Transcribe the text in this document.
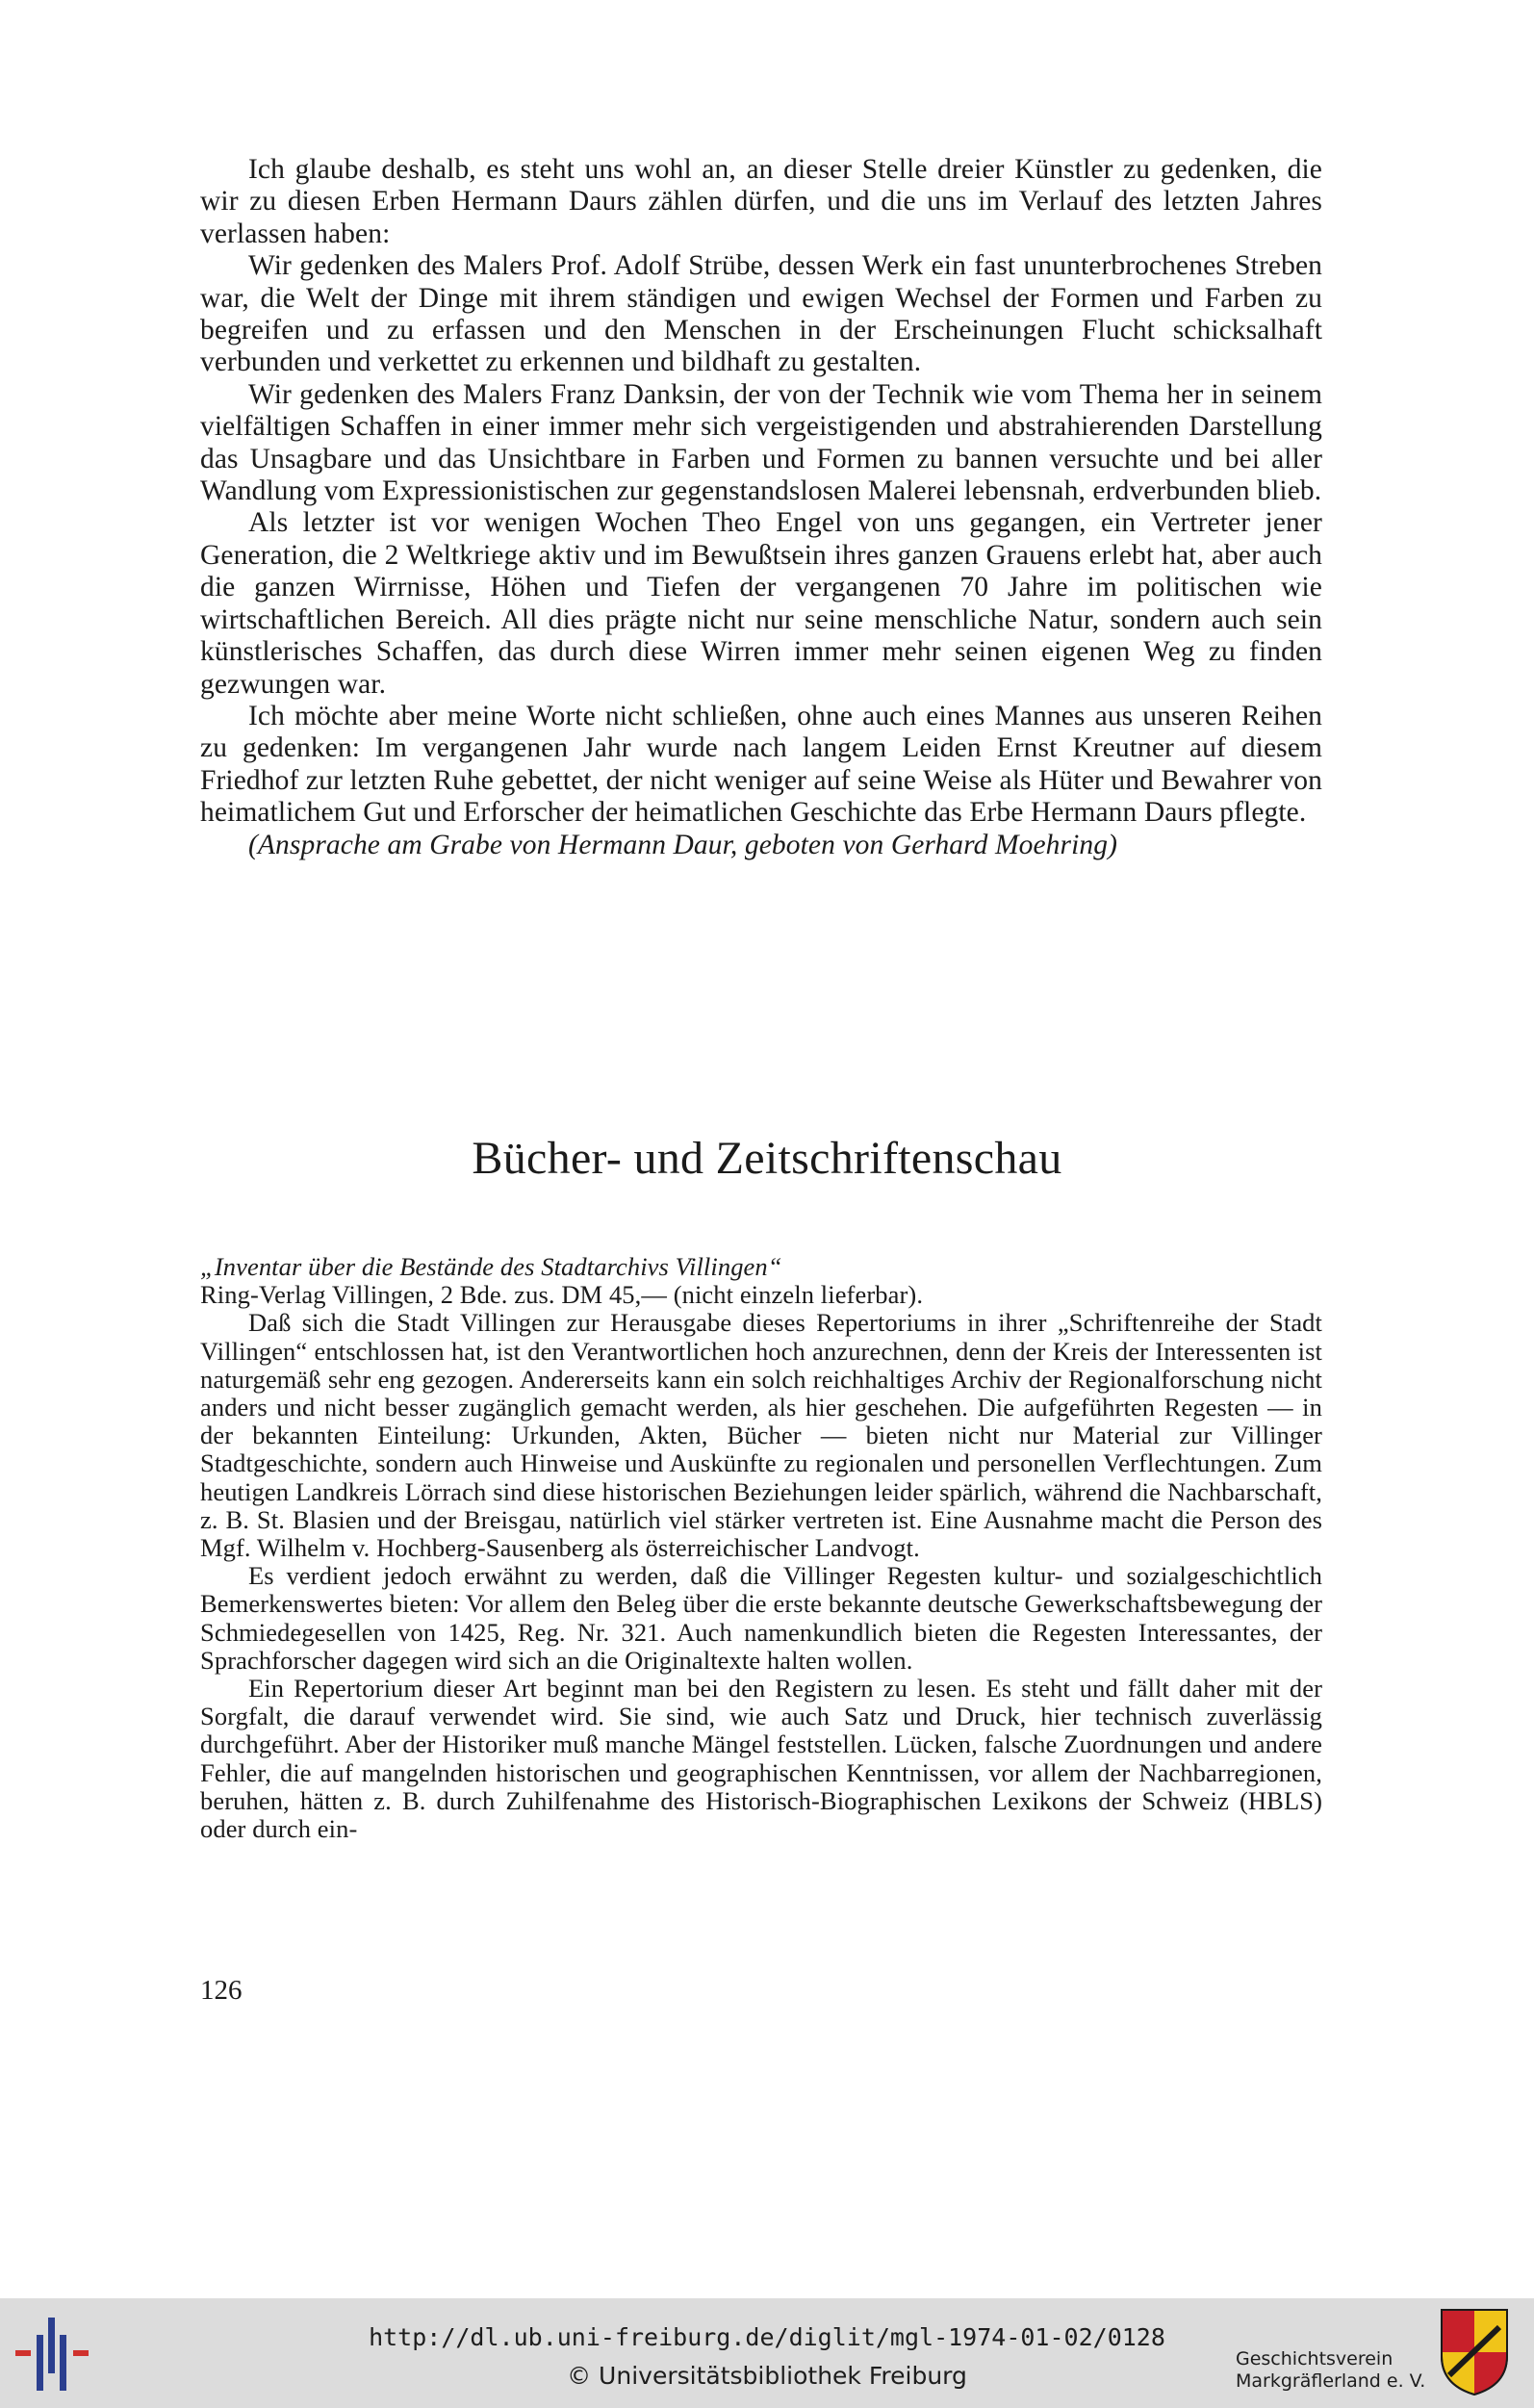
Ich glaube deshalb, es steht uns wohl an, an dieser Stelle dreier Künstler zu gedenken, die wir zu diesen Erben Hermann Daurs zählen dürfen, und die uns im Verlauf des letzten Jahres verlassen haben:

Wir gedenken des Malers Prof. Adolf Strübe, dessen Werk ein fast ununterbrochenes Streben war, die Welt der Dinge mit ihrem ständigen und ewigen Wechsel der Formen und Farben zu begreifen und zu erfassen und den Menschen in der Erscheinungen Flucht schicksalhaft verbunden und verkettet zu erkennen und bildhaft zu gestalten.

Wir gedenken des Malers Franz Danksin, der von der Technik wie vom Thema her in seinem vielfältigen Schaffen in einer immer mehr sich vergeistigenden und abstrahierenden Darstellung das Unsagbare und das Unsichtbare in Farben und Formen zu bannen versuchte und bei aller Wandlung vom Expressionistischen zur gegenstandslosen Malerei lebensnah, erdverbunden blieb.

Als letzter ist vor wenigen Wochen Theo Engel von uns gegangen, ein Vertreter jener Generation, die 2 Weltkriege aktiv und im Bewußtsein ihres ganzen Grauens erlebt hat, aber auch die ganzen Wirrnisse, Höhen und Tiefen der vergangenen 70 Jahre im politischen wie wirtschaftlichen Bereich. All dies prägte nicht nur seine menschliche Natur, sondern auch sein künstlerisches Schaffen, das durch diese Wirren immer mehr seinen eigenen Weg zu finden gezwungen war.

Ich möchte aber meine Worte nicht schließen, ohne auch eines Mannes aus unseren Reihen zu gedenken: Im vergangenen Jahr wurde nach langem Leiden Ernst Kreutner auf diesem Friedhof zur letzten Ruhe gebettet, der nicht weniger auf seine Weise als Hüter und Bewahrer von heimatlichem Gut und Erforscher der heimatlichen Geschichte das Erbe Hermann Daurs pflegte.

(Ansprache am Grabe von Hermann Daur, geboten von Gerhard Moehring)

Bücher- und Zeitschriftenschau

„Inventar über die Bestände des Stadtarchivs Villingen“

Ring-Verlag Villingen, 2 Bde. zus. DM 45,— (nicht einzeln lieferbar).

Daß sich die Stadt Villingen zur Herausgabe dieses Repertoriums in ihrer „Schriftenreihe der Stadt Villingen“ entschlossen hat, ist den Verantwortlichen hoch anzurechnen, denn der Kreis der Interessenten ist naturgemäß sehr eng gezogen. Andererseits kann ein solch reichhaltiges Archiv der Regionalforschung nicht anders und nicht besser zugänglich gemacht werden, als hier geschehen. Die aufgeführten Regesten — in der bekannten Einteilung: Urkunden, Akten, Bücher — bieten nicht nur Material zur Villinger Stadtgeschichte, sondern auch Hinweise und Auskünfte zu regionalen und personellen Verflechtungen. Zum heutigen Landkreis Lörrach sind diese historischen Beziehungen leider spärlich, während die Nachbarschaft, z. B. St. Blasien und der Breisgau, natürlich viel stärker vertreten ist. Eine Ausnahme macht die Person des Mgf. Wilhelm v. Hochberg-Sausenberg als österreichischer Landvogt.

Es verdient jedoch erwähnt zu werden, daß die Villinger Regesten kultur- und sozialgeschichtlich Bemerkenswertes bieten: Vor allem den Beleg über die erste bekannte deutsche Gewerkschaftsbewegung der Schmiedegesellen von 1425, Reg. Nr. 321. Auch namenkundlich bieten die Regesten Interessantes, der Sprachforscher dagegen wird sich an die Originaltexte halten wollen.

Ein Repertorium dieser Art beginnt man bei den Registern zu lesen. Es steht und fällt daher mit der Sorgfalt, die darauf verwendet wird. Sie sind, wie auch Satz und Druck, hier technisch zuverlässig durchgeführt. Aber der Historiker muß manche Mängel feststellen. Lücken, falsche Zuordnungen und andere Fehler, die auf mangelnden historischen und geographischen Kenntnissen, vor allem der Nachbarregionen, beruhen, hätten z. B. durch Zuhilfenahme des Historisch-Biographischen Lexikons der Schweiz (HBLS) oder durch ein-

126
http://dl.ub.uni-freiburg.de/diglit/mgl-1974-01-02/0128
© Universitätsbibliothek Freiburg
Geschichtsverein
Markgräflerland e. V.
